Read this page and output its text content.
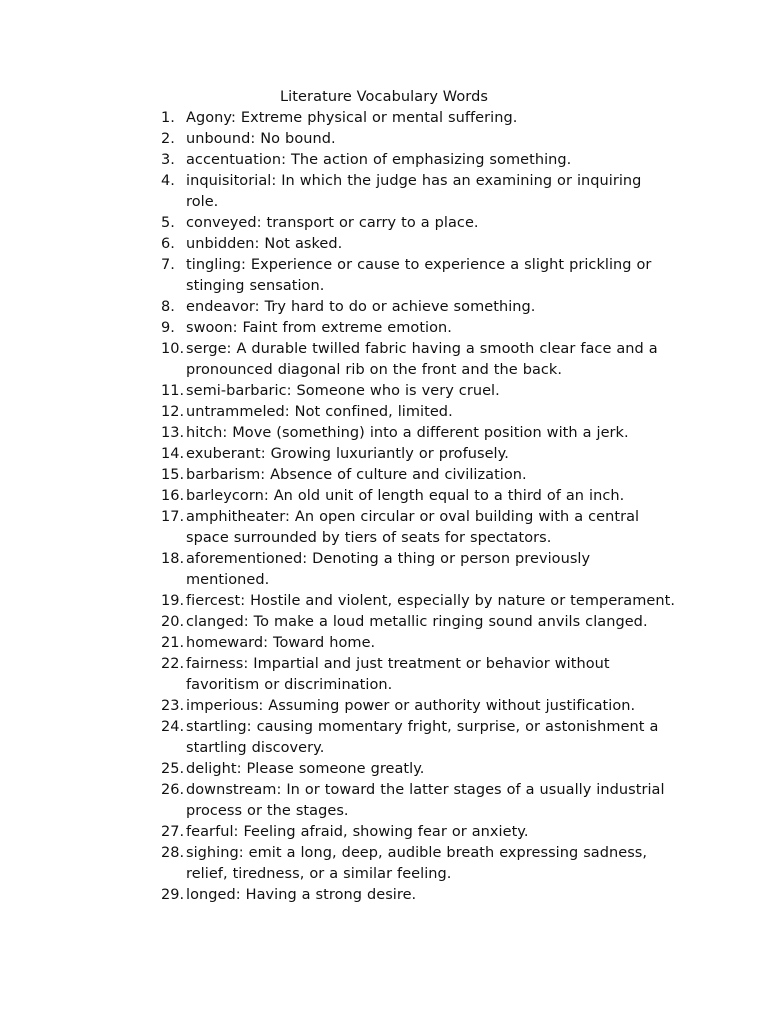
Literature Vocabulary Words
1. Agony: Extreme physical or mental suffering.
2. unbound: No bound.
3. accentuation: The action of emphasizing something.
4. inquisitorial: In which the judge has an examining or inquiring role.
5. conveyed: transport or carry to a place.
6. unbidden: Not asked.
7. tingling: Experience or cause to experience a slight prickling or stinging sensation.
8. endeavor: Try hard to do or achieve something.
9. swoon: Faint from extreme emotion.
10. serge: A durable twilled fabric having a smooth clear face and a pronounced diagonal rib on the front and the back.
11. semi-barbaric: Someone who is very cruel.
12. untrammeled: Not confined, limited.
13. hitch: Move (something) into a different position with a jerk.
14. exuberant: Growing luxuriantly or profusely.
15. barbarism: Absence of culture and civilization.
16. barleycorn: An old unit of length equal to a third of an inch.
17. amphitheater: An open circular or oval building with a central space surrounded by tiers of seats for spectators.
18. aforementioned: Denoting a thing or person previously mentioned.
19. fiercest: Hostile and violent, especially by nature or temperament.
20. clanged: To make a loud metallic ringing sound anvils clanged.
21. homeward: Toward home.
22. fairness: Impartial and just treatment or behavior without favoritism or discrimination.
23. imperious: Assuming power or authority without justification.
24. startling: causing momentary fright, surprise, or astonishment a startling discovery.
25. delight: Please someone greatly.
26. downstream: In or toward the latter stages of a usually industrial process or the stages.
27. fearful: Feeling afraid, showing fear or anxiety.
28. sighing: emit a long, deep, audible breath expressing sadness, relief, tiredness, or a similar feeling.
29. longed: Having a strong desire.
